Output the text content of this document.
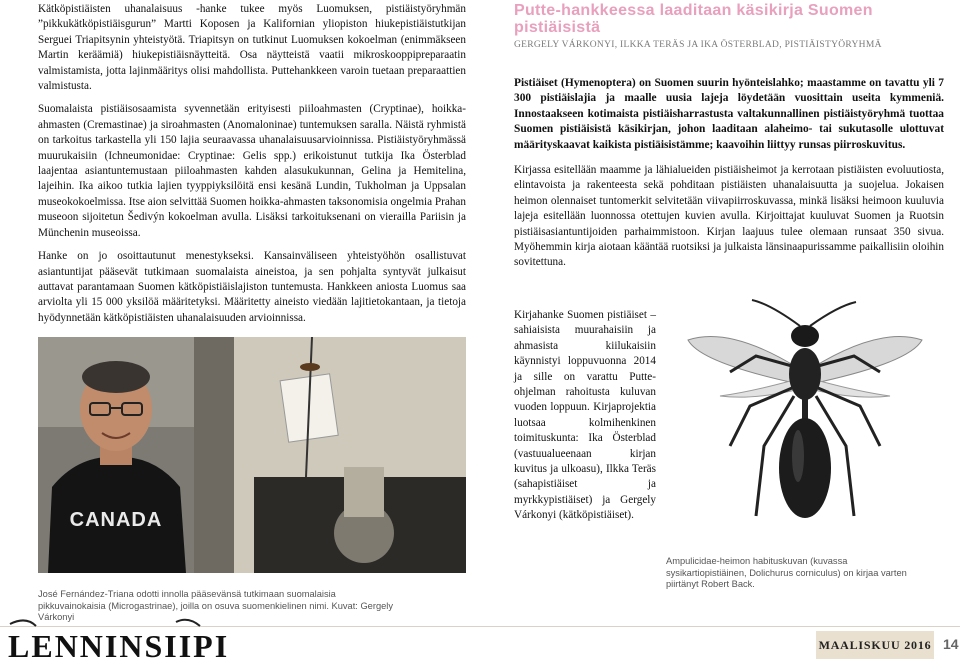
Kätköpistiäisten uhanalaisuus -hanke tukee myös Luomuksen, pistiäistyöryhmän ”pikkukätköpistiäisgurun” Martti Koposen ja Kalifornian yliopiston hiukepistiäistutkijan Serguei Triapitsynin yhteistyötä. Triapitsyn on tutkinut Luomuksen kokoelman (enimmäkseen Martin keräämiä) hiukepistiäisnäytteitä. Osa näytteistä vaatii mikroskooppipreparaatin valmistamista, jotta lajinmääritys olisi mahdollista. Puttehankkeen varoin tuetaan preparaattien valmistusta.

Suomalaista pistiäisosaamista syvennetään erityisesti piiloahmasten (Cryptinae), hoikka-ahmasten (Cremastinae) ja siroahmasten (Anomaloninae) tuntemuksen saralla. Näistä ryhmistä on tarkoitus tarkastella yli 150 lajia seuraavassa uhanalaisuusarvioinnissa. Pistiäistyöryhmässä muurukaisiin (Ichneumonidae: Cryptinae: Gelis spp.) erikoistunut tutkija Ika Österblad laajentaa asiantuntemustaan piiloahmasten kahden alasukukunnan, Gelina ja Hemitelina, lajeihin. Ika aikoo tutkia lajien tyyppiyksilöitä ensi kesänä Lundin, Tukholman ja Uppsalan museokokoelmissa. Itse aion selvittää Suomen hoikka-ahmasten taksonomisia ongelmia Prahan museoon sijoitetun Šedivýn kokoelman avulla. Lisäksi tarkoituksenani on vierailla Pariisin ja Münchenin museoissa.

Hanke on jo osoittautunut menestykseksi. Kansainväliseen yhteistyöhön osallistuvat asiantuntijat pääsevät tutkimaan suomalaista aineistoa, ja sen pohjalta syntyvät julkaisut auttavat parantamaan Suomen kätköpistiäislajiston tuntemusta. Hankkeen aniosta Luomus saa arviolta yli 15 000 yksilöä määritetyksi. Määritetty aineisto viedään lajitietokantaan, ja tietoja hyödynnetään kätköpistiäisten uhanalaisuuden arvioinnissa.

CANADA
José Fernández-Triana odotti innolla pääsevänsä tutkimaan suomalaisia pikkuvainokaisia (Microgastrinae), joilla on osuva suomenkielinen nimi. Kuvat: Gergely Várkonyi
Putte-hankkeessa laaditaan käsikirja Suomen pistiäisistä
GERGELY VÁRKONYI, ILKKA TERÄS JA IKA ÖSTERBLAD, PISTIÄISTYÖRYHMÄ

Pistiäiset (Hymenoptera) on Suomen suurin hyönteislahko; maastamme on tavattu yli 7 300 pistiäislajia ja maalle uusia lajeja löydetään vuosittain useita kymmeniä. Innostaakseen kotimaista pistiäisharrastusta valtakunnallinen pistiäistyöryhmä tuottaa Suomen pistiäisistä käsikirjan, johon laaditaan alaheimo- tai sukutasolle ulottuvat määrityskaavat kaikista pistiäisistämme; kaavoihin liittyy runsas piirroskuvitus.

Kirjassa esitellään maamme ja lähialueiden pistiäisheimot ja kerrotaan pistiäisten evoluutiosta, elintavoista ja rakenteesta sekä pohditaan pistiäisten uhanalaisuutta ja suojelua. Jokaisen heimon olennaiset tuntomerkit selvitetään viivapiirroskuvassa, minkä lisäksi heimoon kuuluvia lajeja esitellään luonnossa otettujen kuvien avulla. Kirjoittajat kuuluvat Suomen ja Ruotsin pistiäisasiantuntijoiden parhaimmistoon. Kirjan laajuus tulee olemaan runsaat 350 sivua. Myöhemmin kirja aiotaan kääntää ruotsiksi ja julkaista länsinaapurissamme paikallisiin oloihin sovitettuna.

Kirjahanke Suomen pistiäiset – sahiaisista muurahaisiin ja ahmasista kiilukaisiin käynnistyi loppuvuonna 2014 ja sille on varattu Putte-ohjelman rahoitusta kuluvan vuoden loppuun. Kirjaprojektia luotsaa kolmihenkinen toimituskunta: Ika Österblad (vastuualueenaan kirjan kuvitus ja ulkoasu), Ilkka Teräs (sahapistiäiset ja myrkkypistiäiset) ja Gergely Várkonyi (kätköpistiäiset).

Ampulicidae-heimon habituskuvan (kuvassa sysikartiopistiäinen, Dolichurus corniculus) on kirjaa varten piirtänyt Robert Back.
LENNINSIIPI	MAALISKUU 2016 14
